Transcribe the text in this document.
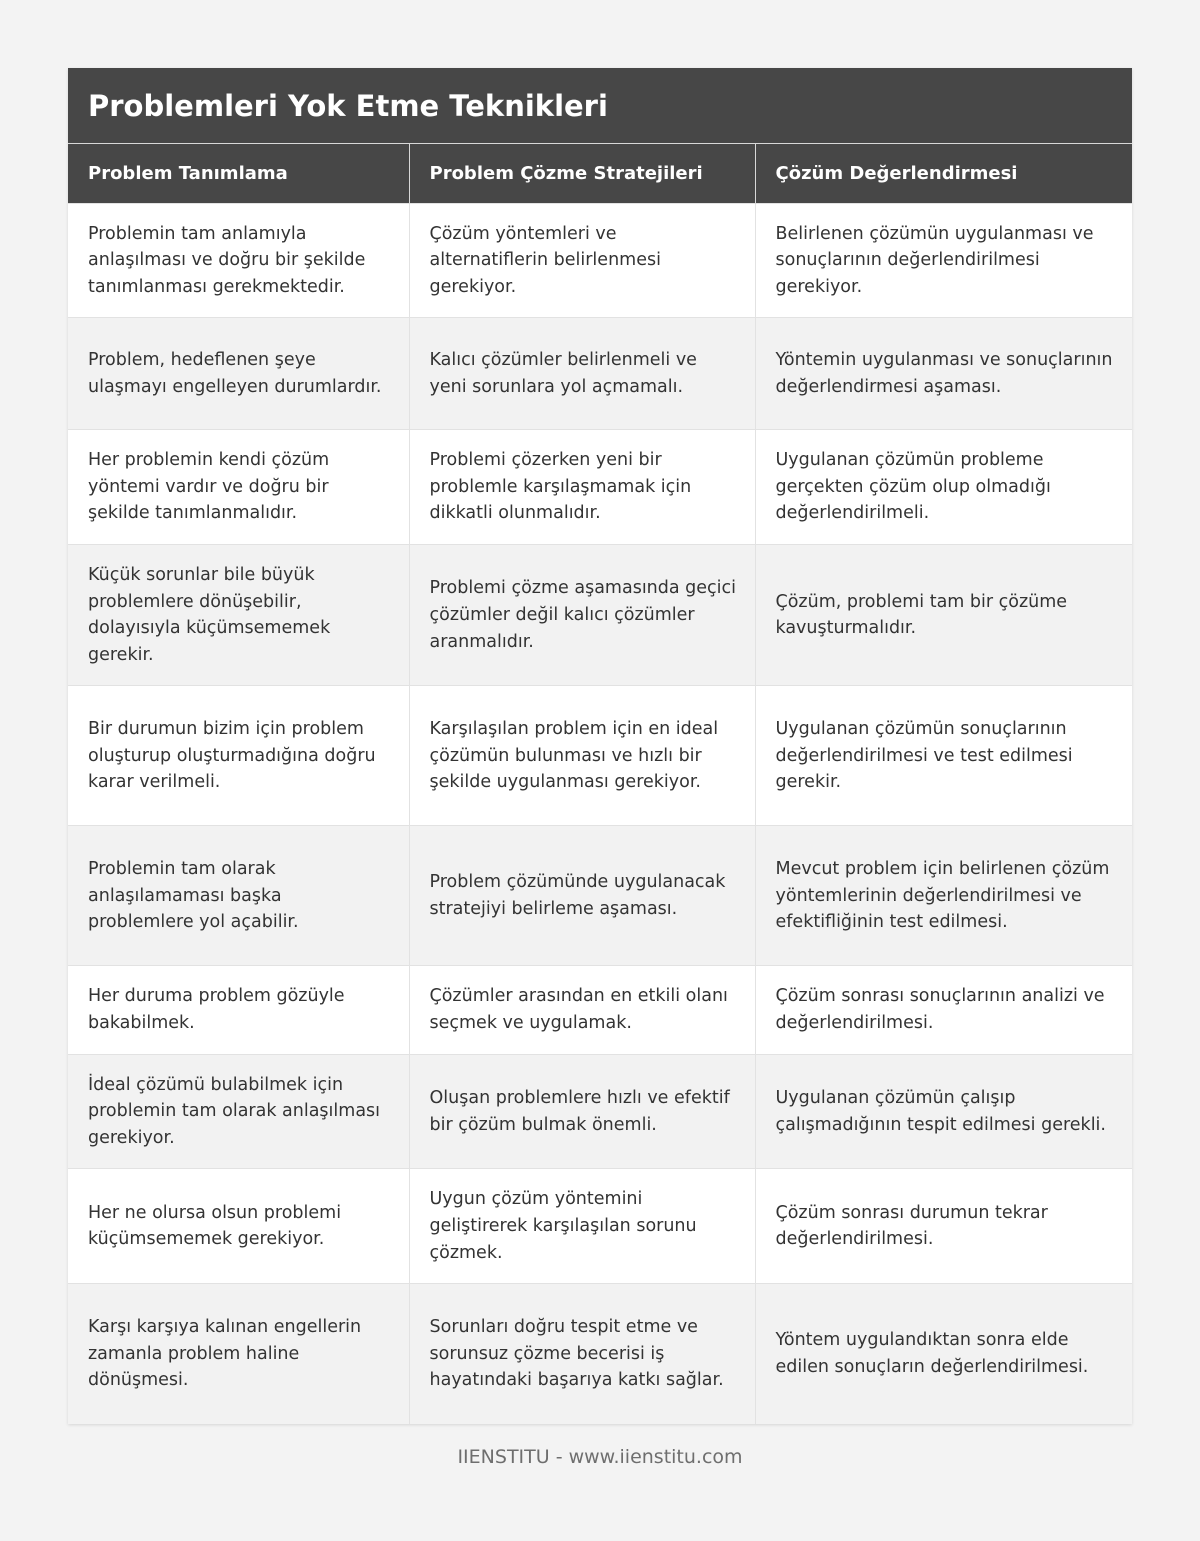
Problemleri Yok Etme Teknikleri
Problem Tanımlama	Problem Çözme Stratejileri	Çözüm Değerlendirmesi
Problemin tam anlamıyla anlaşılması ve doğru bir şekilde tanımlanması gerekmektedir.	Çözüm yöntemleri ve alternatiflerin belirlenmesi gerekiyor.	Belirlenen çözümün uygulanması ve sonuçlarının değerlendirilmesi gerekiyor.
Problem, hedeflenen şeye ulaşmayı engelleyen durumlardır.	Kalıcı çözümler belirlenmeli ve yeni sorunlara yol açmamalı.	Yöntemin uygulanması ve sonuçlarının değerlendirmesi aşaması.
Her problemin kendi çözüm yöntemi vardır ve doğru bir şekilde tanımlanmalıdır.	Problemi çözerken yeni bir problemle karşılaşmamak için dikkatli olunmalıdır.	Uygulanan çözümün probleme gerçekten çözüm olup olmadığı değerlendirilmeli.
Küçük sorunlar bile büyük problemlere dönüşebilir, dolayısıyla küçümsememek gerekir.	Problemi çözme aşamasında geçici çözümler değil kalıcı çözümler aranmalıdır.	Çözüm, problemi tam bir çözüme kavuşturmalıdır.
Bir durumun bizim için problem oluşturup oluşturmadığına doğru karar verilmeli.	Karşılaşılan problem için en ideal çözümün bulunması ve hızlı bir şekilde uygulanması gerekiyor.	Uygulanan çözümün sonuçlarının değerlendirilmesi ve test edilmesi gerekir.
Problemin tam olarak anlaşılamaması başka problemlere yol açabilir.	Problem çözümünde uygulanacak stratejiyi belirleme aşaması.	Mevcut problem için belirlenen çözüm yöntemlerinin değerlendirilmesi ve efektifliğinin test edilmesi.
Her duruma problem gözüyle bakabilmek.	Çözümler arasından en etkili olanı seçmek ve uygulamak.	Çözüm sonrası sonuçlarının analizi ve değerlendirilmesi.
İdeal çözümü bulabilmek için problemin tam olarak anlaşılması gerekiyor.	Oluşan problemlere hızlı ve efektif bir çözüm bulmak önemli.	Uygulanan çözümün çalışıp çalışmadığının tespit edilmesi gerekli.
Her ne olursa olsun problemi küçümsememek gerekiyor.	Uygun çözüm yöntemini geliştirerek karşılaşılan sorunu çözmek.	Çözüm sonrası durumun tekrar değerlendirilmesi.
Karşı karşıya kalınan engellerin zamanla problem haline dönüşmesi.	Sorunları doğru tespit etme ve sorunsuz çözme becerisi iş hayatındaki başarıya katkı sağlar.	Yöntem uygulandıktan sonra elde edilen sonuçların değerlendirilmesi.
IIENSTITU - www.iienstitu.com
